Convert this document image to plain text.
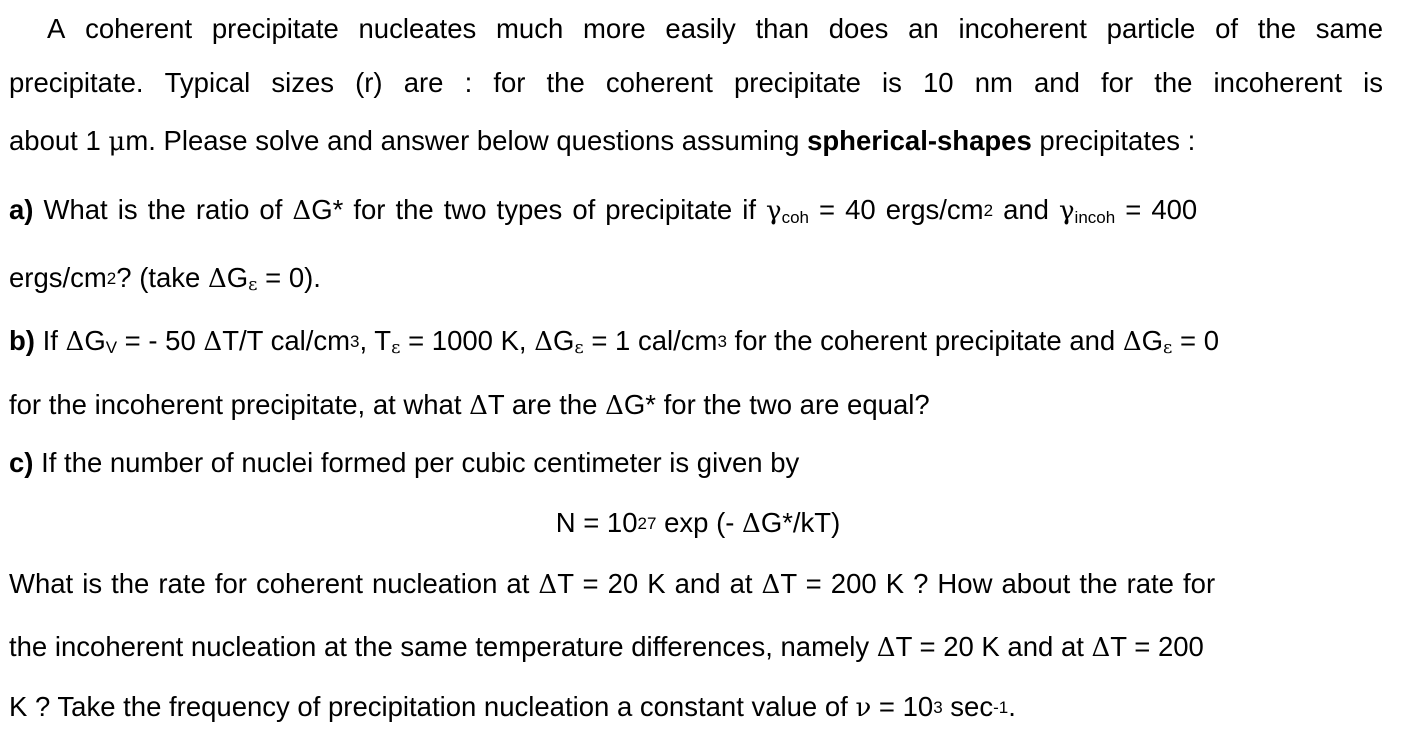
A coherent precipitate nucleates much more easily than does an incoherent particle of the same
precipitate. Typical sizes (r) are : for the coherent precipitate is 10 nm and for the incoherent is
about 1 μm. Please solve and answer below questions assuming spherical-shapes precipitates :
a) What is the ratio of ΔG* for the two types of precipitate if $\gamma_{coh} = 40$ ergs/$cm^2$ and $\gamma_{incoh} = 400$
ergs/$cm^2$? (take ΔGε = 0).
b) If ΔGV = - 50 ΔT/T cal/$cm^3$, Tε = 1000 K, ΔGε = 1 cal/$cm^3$ for the coherent precipitate and ΔGε = 0
for the incoherent precipitate, at what ΔT are the ΔG* for the two are equal?
c) If the number of nuclei formed per cubic centimeter is given by
$N = 10^{27}$ exp (- ΔG*/kT)
What is the rate for coherent nucleation at ΔT = 20 K and at ΔT = 200 K ? How about the rate for
the incoherent nucleation at the same temperature differences, namely ΔT = 20 K and at ΔT = 200
K ? Take the frequency of precipitation nucleation a constant value of $\nu = 10^3$ $\sec^{-1}$.
